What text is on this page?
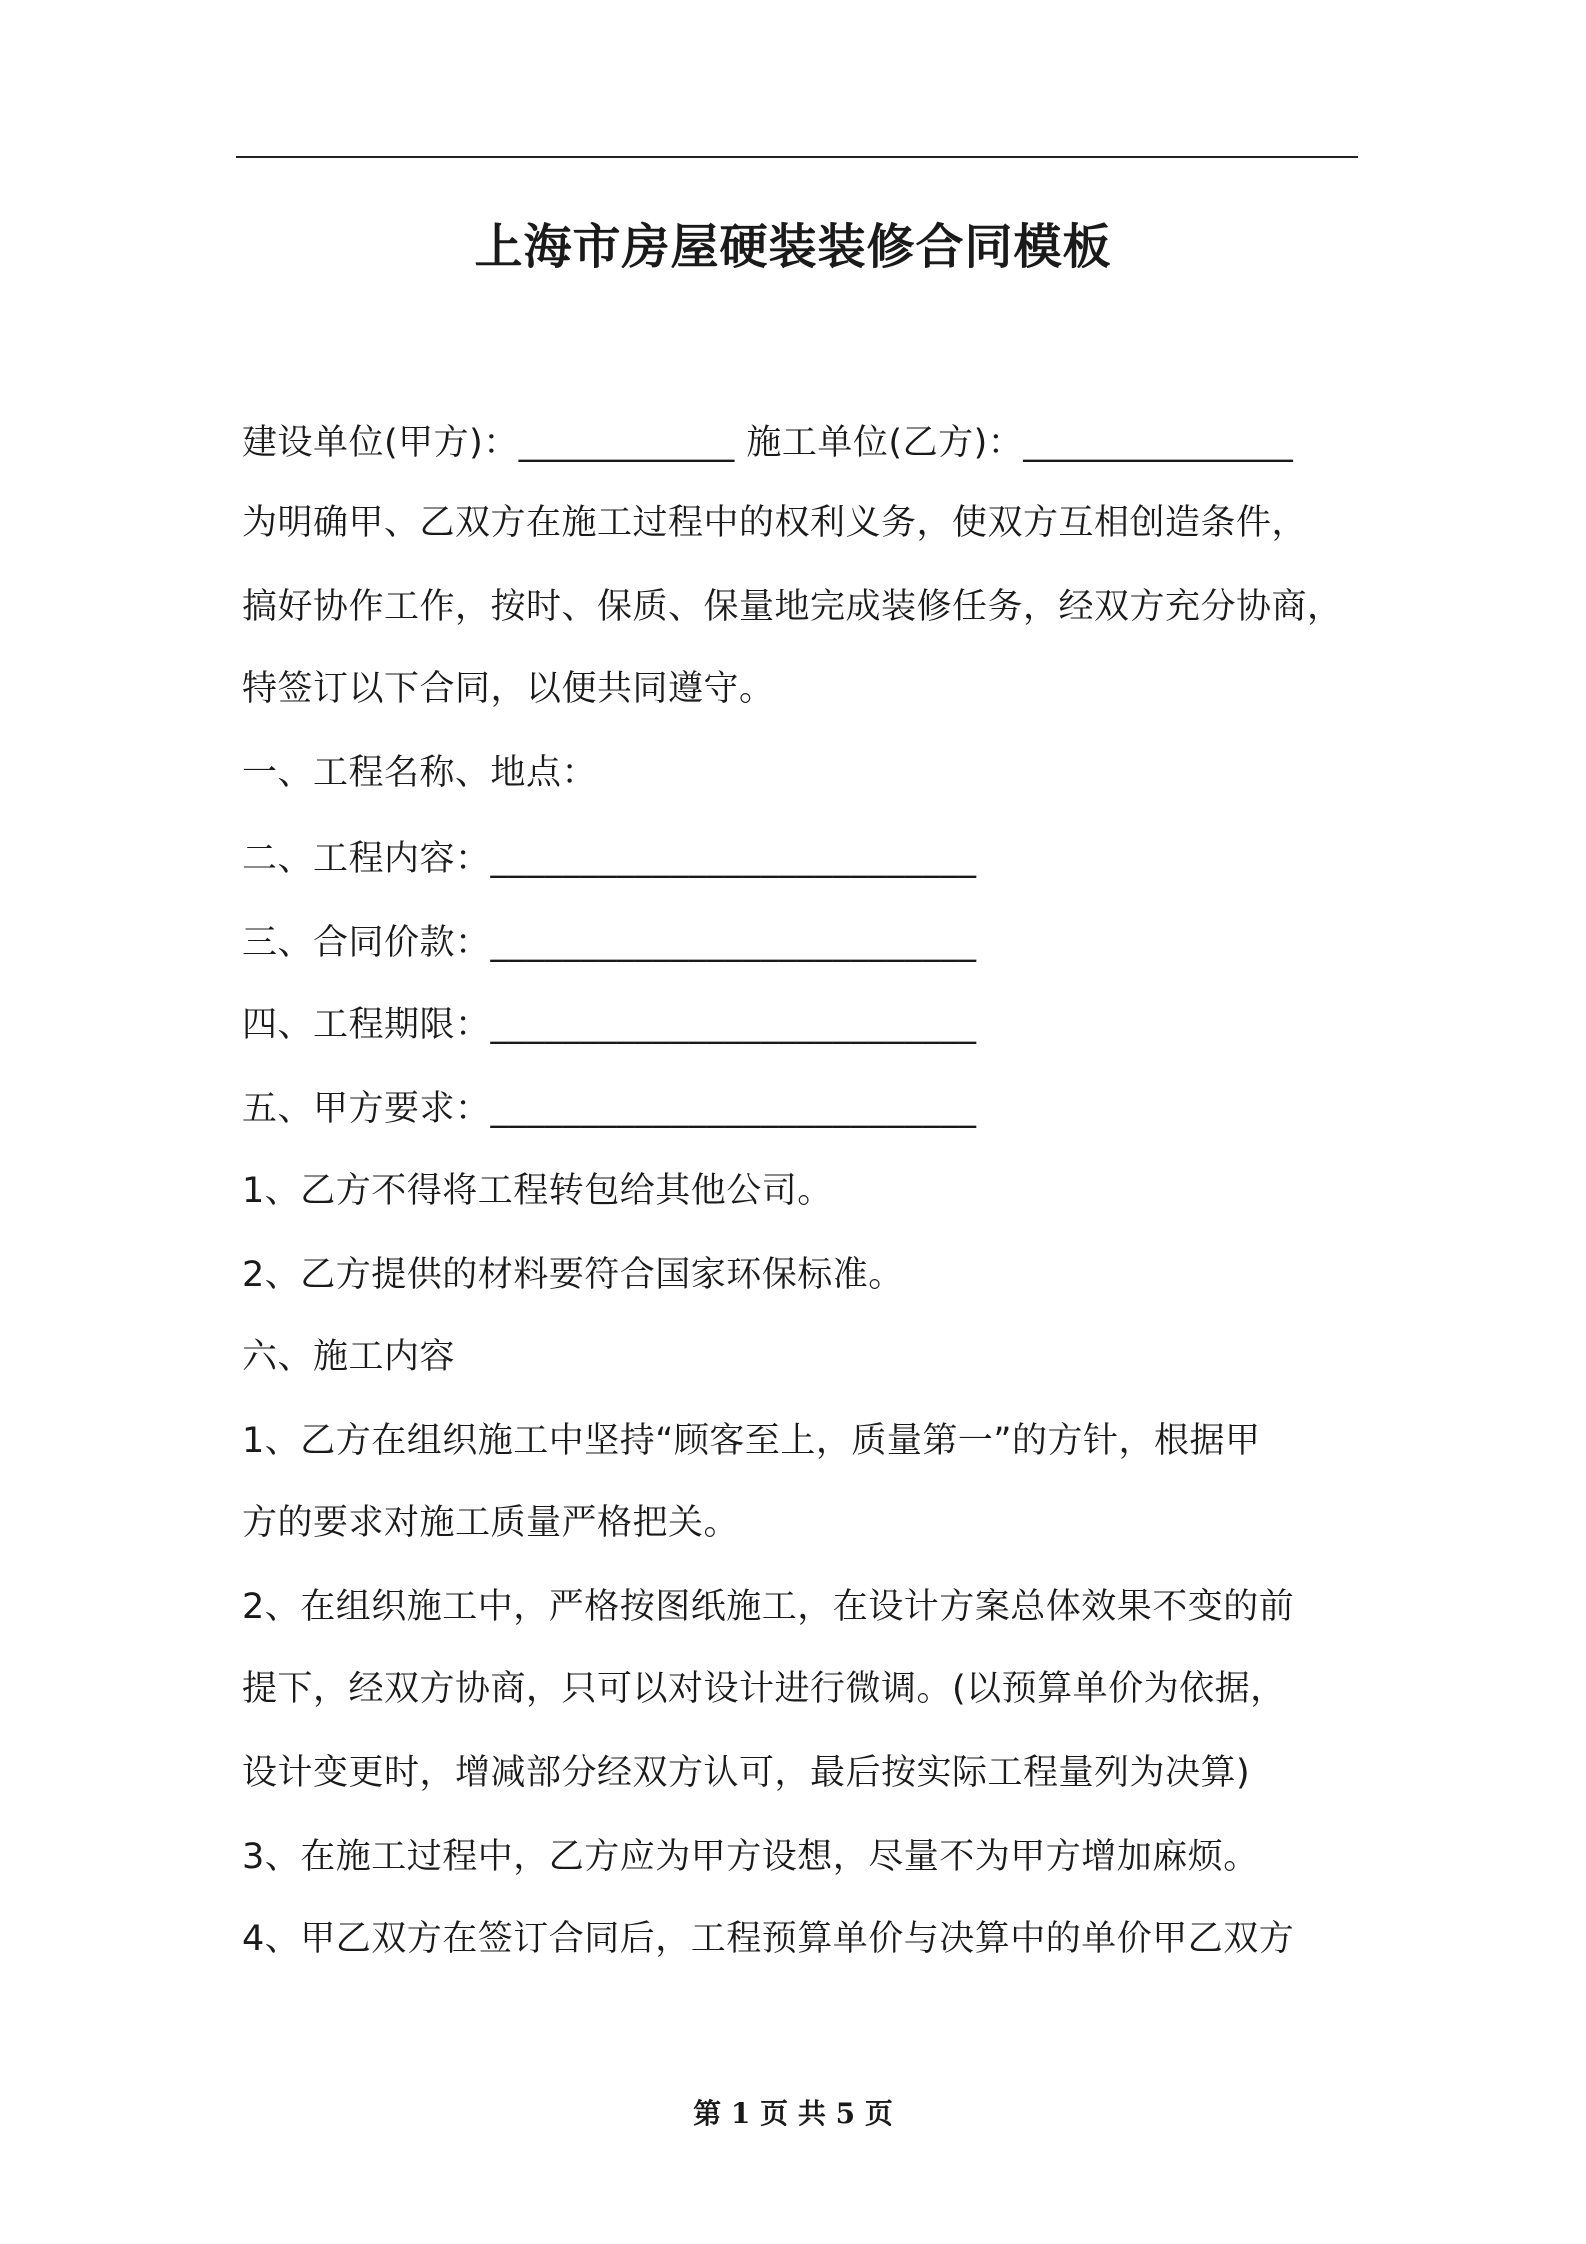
上海市房屋硬装装修合同模板
建设单位(甲方)：____________ 施工单位(乙方)：_______________
为明确甲、乙双方在施工过程中的权利义务，使双方互相创造条件，
搞好协作工作，按时、保质、保量地完成装修任务，经双方充分协商，
特签订以下合同，以便共同遵守。
一、工程名称、地点：
二、工程内容：___________________________
三、合同价款：___________________________
四、工程期限：___________________________
五、甲方要求：___________________________
1、乙方不得将工程转包给其他公司。
2、乙方提供的材料要符合国家环保标准。
六、施工内容
1、乙方在组织施工中坚持“顾客至上，质量第一”的方针，根据甲
方的要求对施工质量严格把关。
2、在组织施工中，严格按图纸施工，在设计方案总体效果不变的前
提下，经双方协商，只可以对设计进行微调。(以预算单价为依据，
设计变更时，增减部分经双方认可，最后按实际工程量列为决算)
3、在施工过程中，乙方应为甲方设想，尽量不为甲方增加麻烦。
4、甲乙双方在签订合同后，工程预算单价与决算中的单价甲乙双方
第 1 页 共 5 页
